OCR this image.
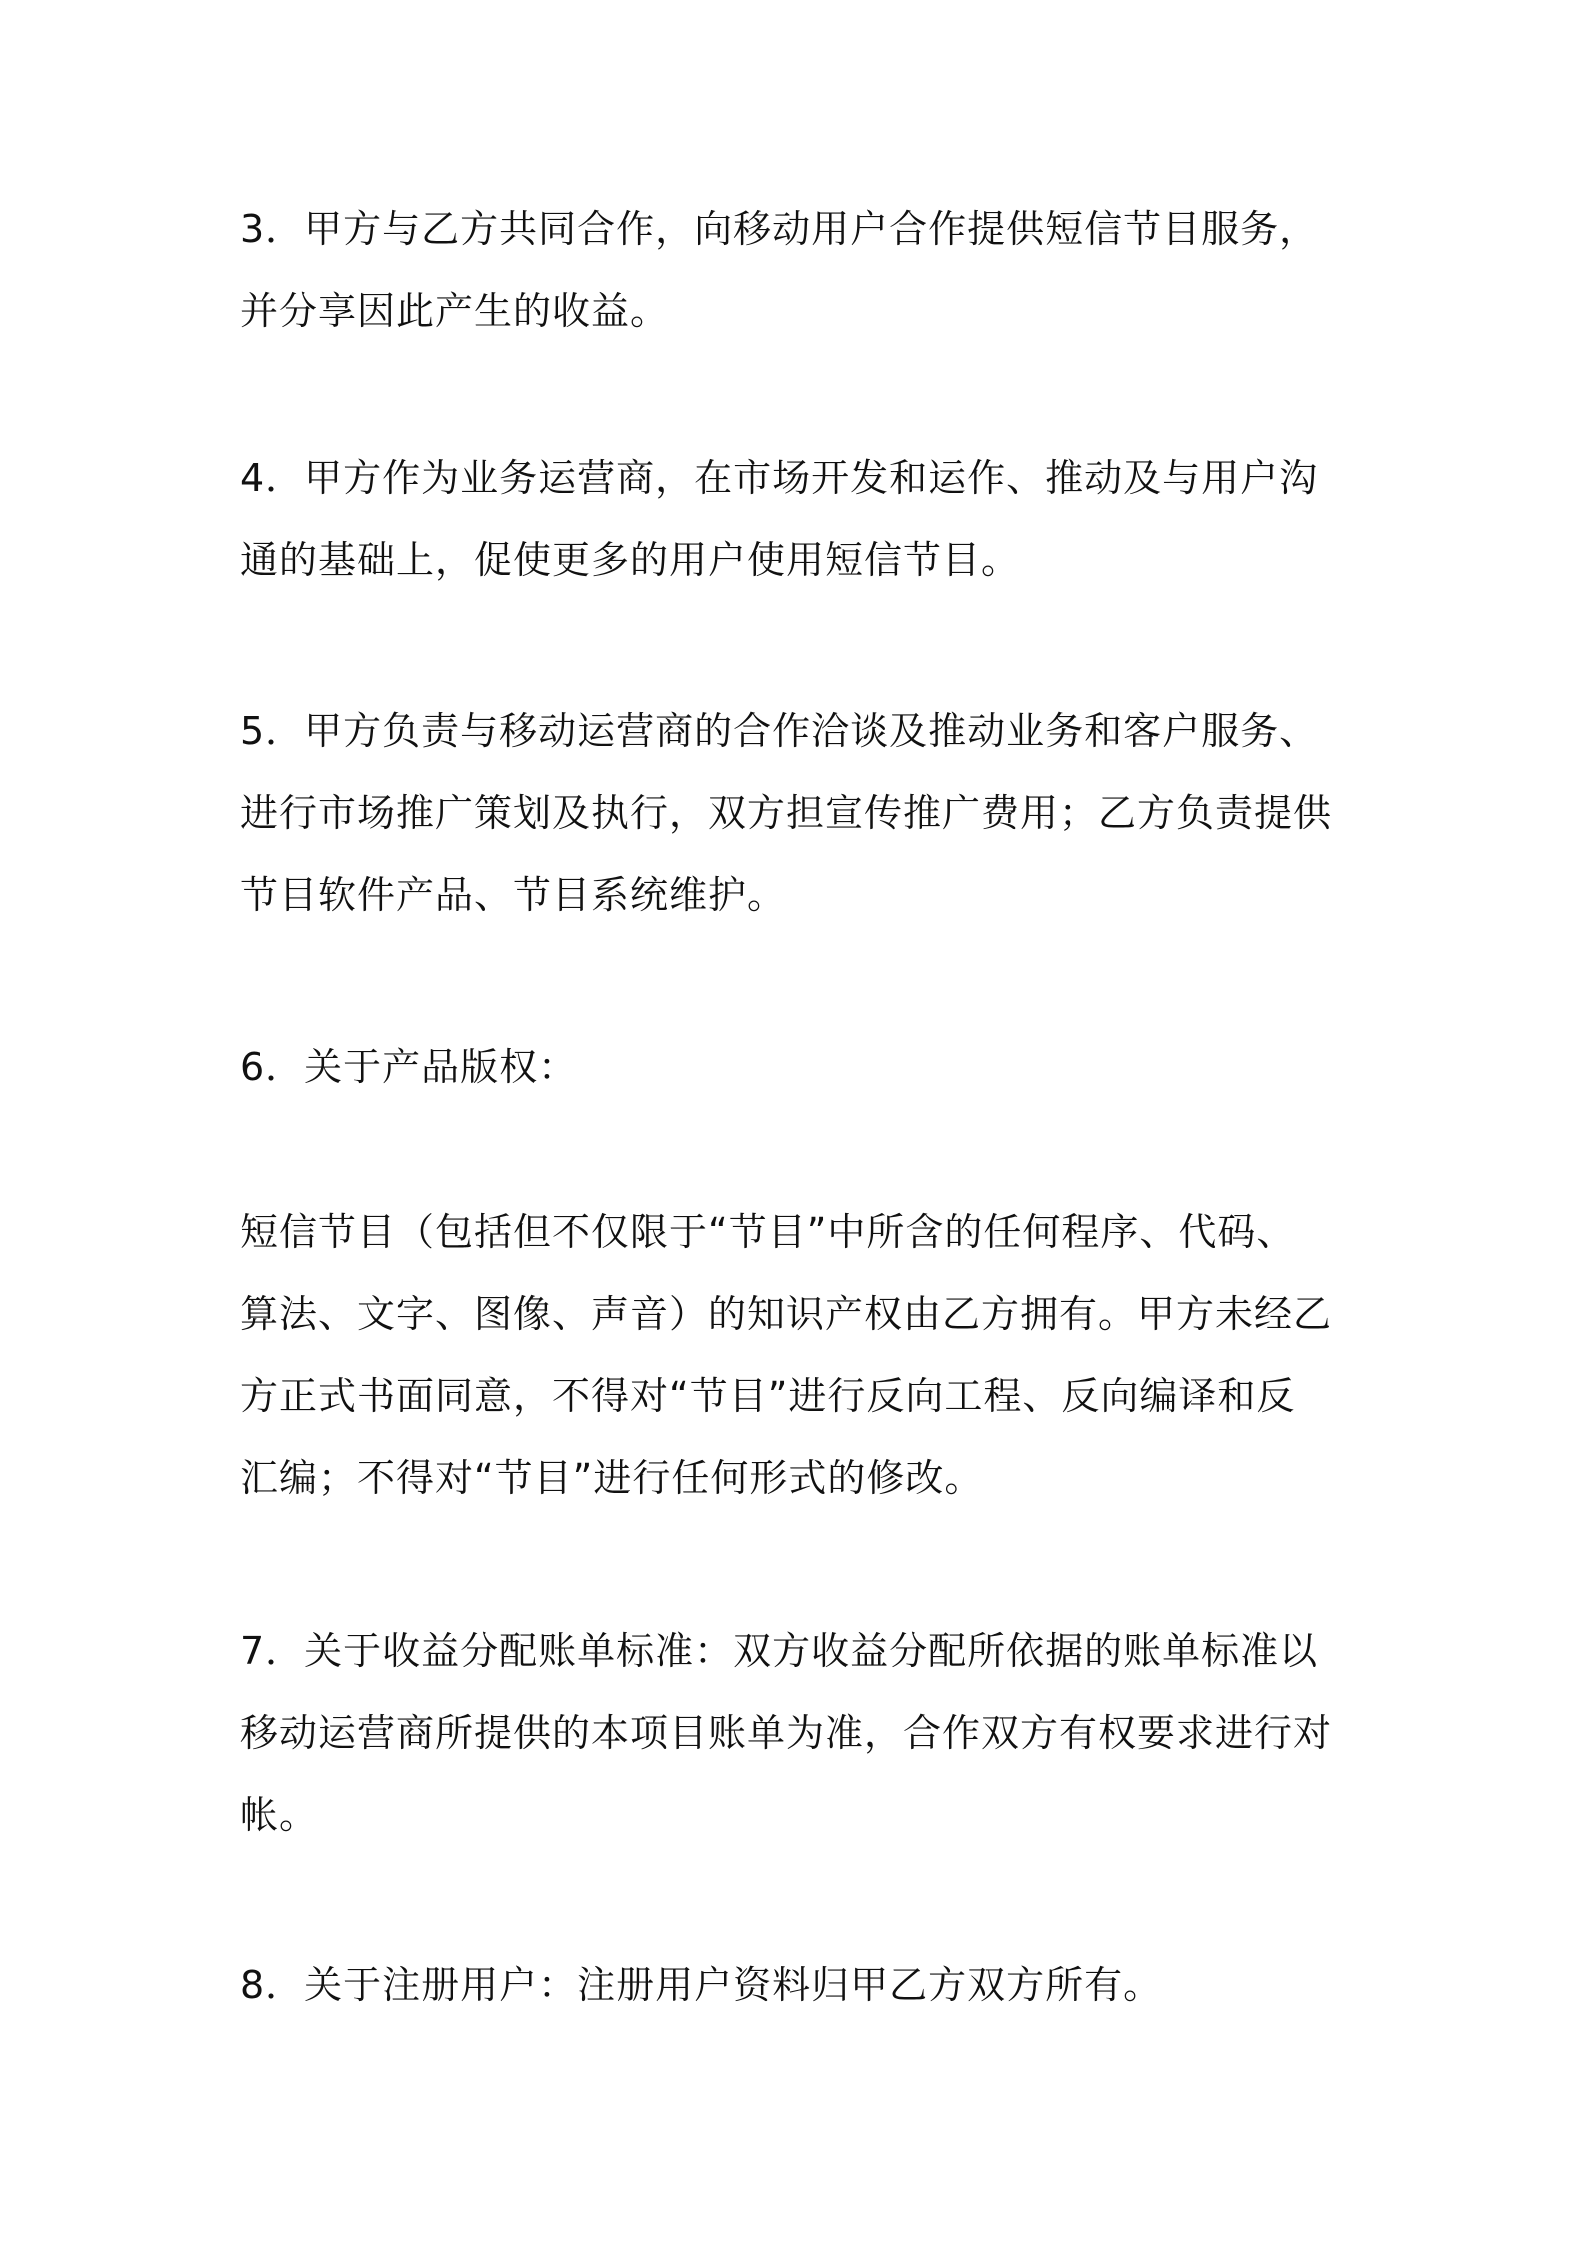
3．甲方与乙方共同合作，向移动用户合作提供短信节目服务，
并分享因此产生的收益。

4．甲方作为业务运营商，在市场开发和运作、推动及与用户沟
通的基础上，促使更多的用户使用短信节目。

5．甲方负责与移动运营商的合作洽谈及推动业务和客户服务、
进行市场推广策划及执行，双方担宣传推广费用；乙方负责提供
节目软件产品、节目系统维护。

6．关于产品版权：

短信节目（包括但不仅限于“节目”中所含的任何程序、代码、
算法、文字、图像、声音）的知识产权由乙方拥有。甲方未经乙
方正式书面同意，不得对“节目”进行反向工程、反向编译和反
汇编；不得对“节目”进行任何形式的修改。

7．关于收益分配账单标准：双方收益分配所依据的账单标准以
移动运营商所提供的本项目账单为准，合作双方有权要求进行对
帐。

8．关于注册用户：注册用户资料归甲乙方双方所有。
